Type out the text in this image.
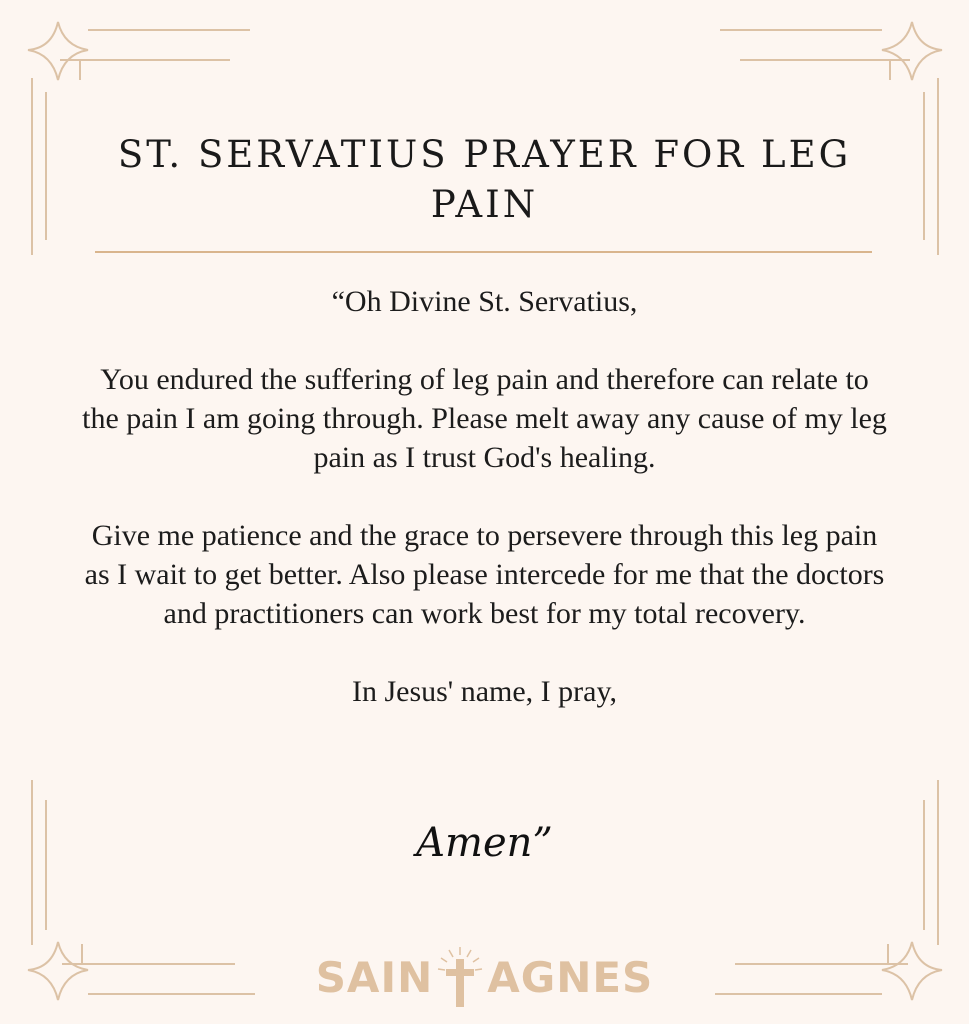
ST. SERVATIUS PRAYER FOR LEG PAIN

“Oh Divine St. Servatius,

You endured the suffering of leg pain and therefore can relate to the pain I am going through. Please melt away any cause of my leg pain as I trust God's healing.

Give me patience and the grace to persevere through this leg pain as I wait to get better. Also please intercede for me that the doctors and practitioners can work best for my total recovery.

In Jesus' name, I pray,

Amen”
SAIN AGNES
